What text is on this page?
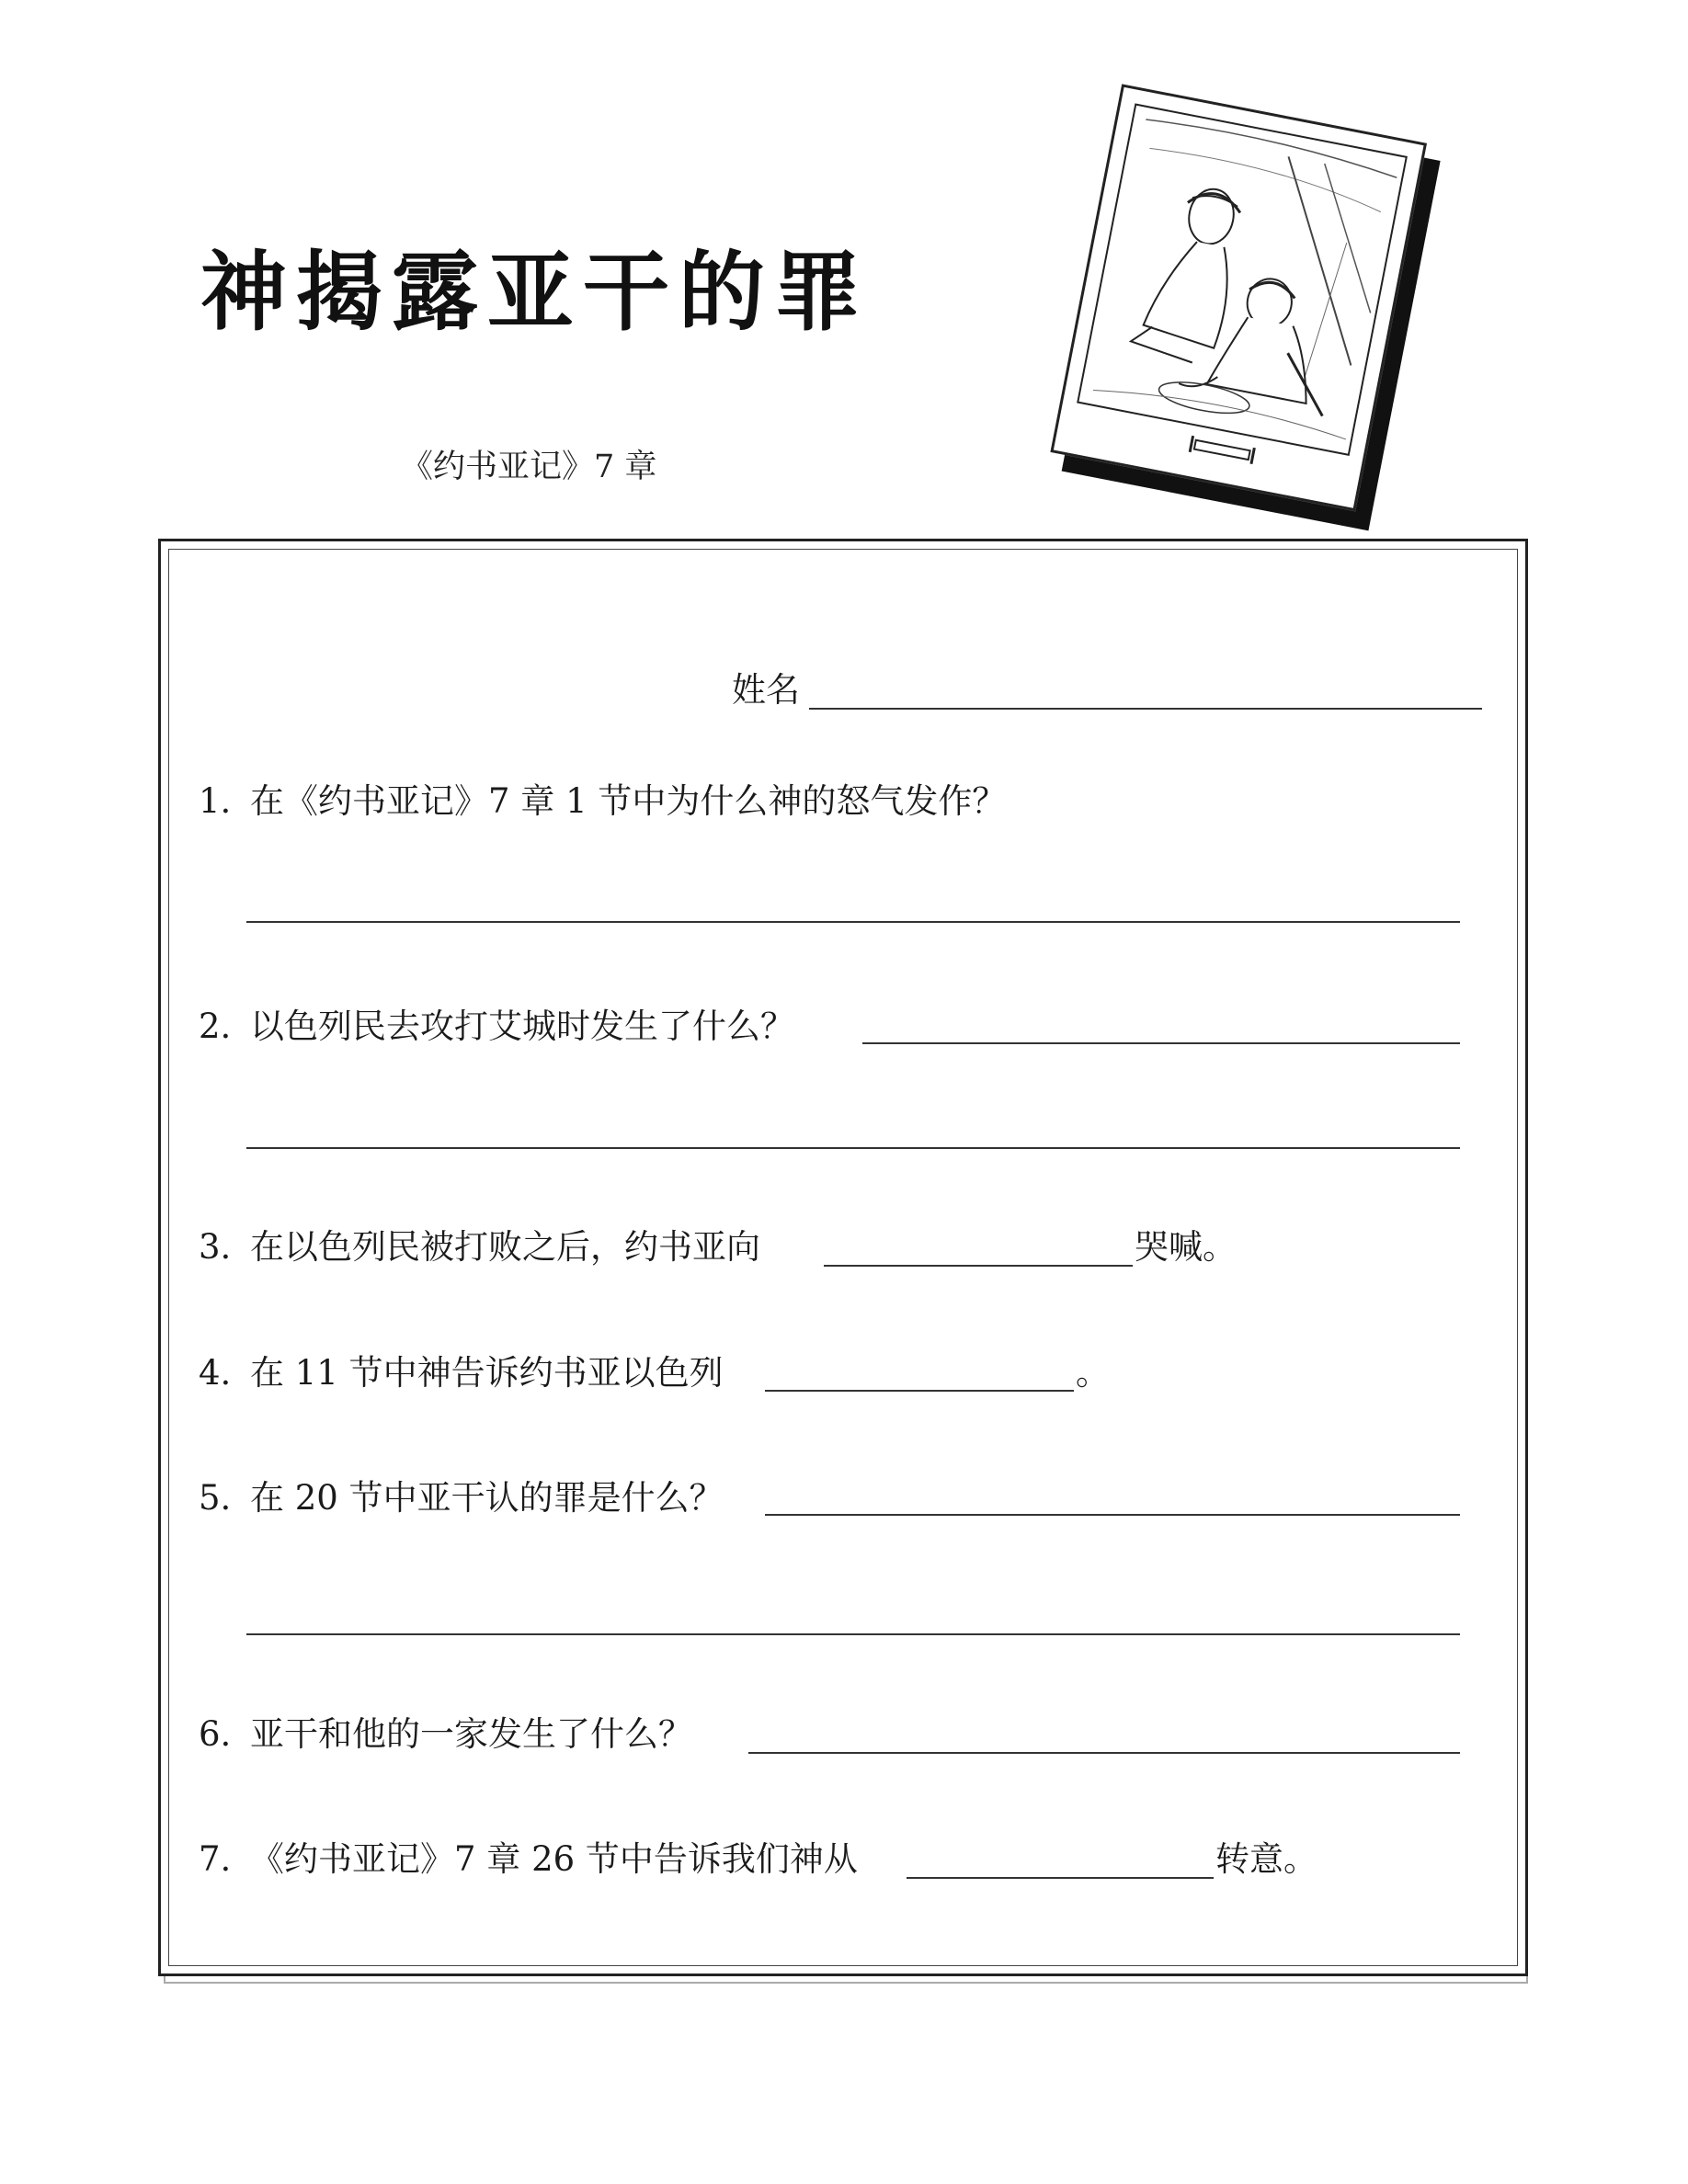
神揭露亚干的罪
《约书亚记》7 章
姓名
1. 在《约书亚记》7 章 1 节中为什么神的怒气发作？
2. 以色列民去攻打艾城时发生了什么？
3. 在以色列民被打败之后，约书亚向	哭喊。
4. 在 11 节中神告诉约书亚以色列	。
5. 在 20 节中亚干认的罪是什么？
6. 亚干和他的一家发生了什么？
7. 《约书亚记》7 章 26 节中告诉我们神从	转意。
